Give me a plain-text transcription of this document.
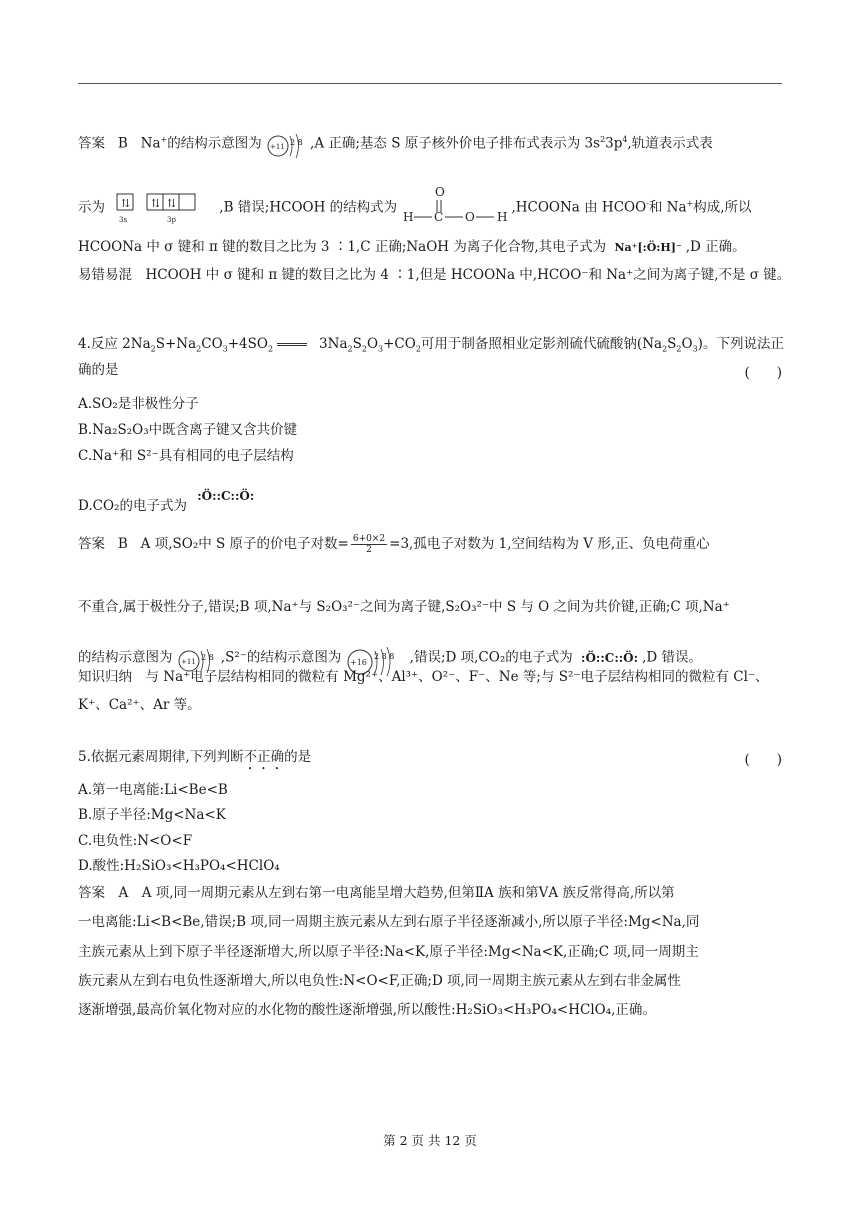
答案 B Na+的结构示意图为 +11 2 8 ,A 正确;基态 S 原子核外价电子排布式表示为 $3s^23p^4$,轨道表示式表
示为 ⇅ ⇅ ⇅
3s	3p
,B 错误;HCOOH 的结构式为
O
H C O H
,HCOONa 由 HCOO-和 Na+构成,所以
HCOONa 中 σ 键和 π 键的数目之比为 3 ∶1,C 正确;NaOH 为离子化合物,其电子式为 Na⁺[:Ö:H]⁻ ,D 正确。
易错易混　HCOOH 中 σ 键和 π 键的数目之比为 4 ∶1,但是 HCOONa 中,HCOO⁻和 Na⁺之间为离子键,不是 σ 键。
4.反应 $2Na_2S+Na_2CO_3+4SO_2$	$3Na_2S_2O_3+CO_2$可用于制备照相业定影剂硫代硫酸钠$(Na_2S_2O_3)$。下列说法正
确的是	(　　)
A.SO₂是非极性分子
B.Na₂S₂O₃中既含离子键又含共价键
C.Na⁺和 S²⁻具有相同的电子层结构
D.CO₂的电子式为 :Ö::C::Ö:
答案 B A 项,SO₂中 S 原子的价电子对数= $\frac{6+0\times 2}{2} =3$,孤电子对数为 1,空间结构为 V 形,正、负电荷重心
不重合,属于极性分子,错误;B 项,Na⁺与 S₂O₃²⁻之间为离子键,S₂O₃²⁻中 S 与 O 之间为共价键,正确;C 项,Na⁺
的结构示意图为 +11 2 8 ,S²⁻的结构示意图为 +16
2 8 8 ,错误;D 项,CO₂的电子式为 :Ö::C::Ö: ,D 错误。
知识归纳　与 Na⁺电子层结构相同的微粒有 Mg²⁺、Al³⁺、O²⁻、F⁻、Ne 等;与 S²⁻电子层结构相同的微粒有 Cl⁻、
K⁺、Ca²⁺、Ar 等。
5.依据元素周期律,下列判断不正确的是	(　　)
A.第一电离能:Li<Be<B
B.原子半径:Mg<Na<K
C.电负性:N<O<F
D.酸性:H₂SiO₃<H₃PO₄<HClO₄
答案　A　A 项,同一周期元素从左到右第一电离能呈增大趋势,但第ⅡA 族和第ⅤA 族反常得高,所以第
一电离能:Li<B<Be,错误;B 项,同一周期主族元素从左到右原子半径逐渐减小,所以原子半径:Mg<Na,同
主族元素从上到下原子半径逐渐增大,所以原子半径:Na<K,原子半径:Mg<Na<K,正确;C 项,同一周期主
族元素从左到右电负性逐渐增大,所以电负性:N<O<F,正确;D 项,同一周期主族元素从左到右非金属性
逐渐增强,最高价氧化物对应的水化物的酸性逐渐增强,所以酸性:H₂SiO₃<H₃PO₄<HClO₄,正确。
第 2 页 共 12 页
